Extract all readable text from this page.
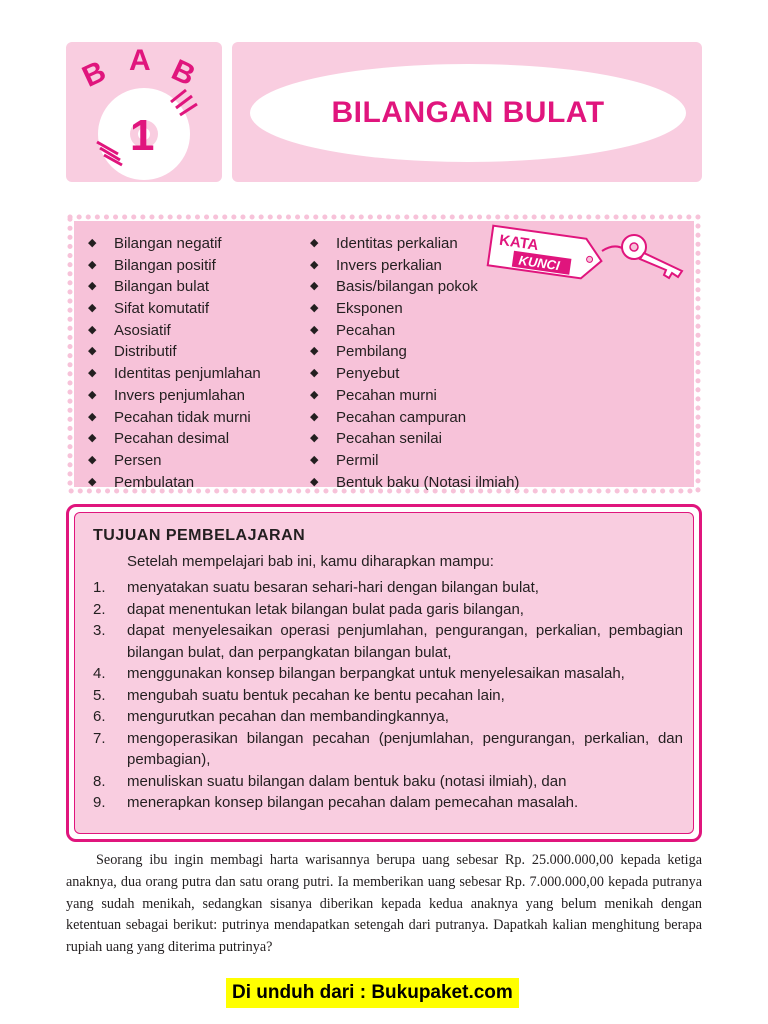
B A B
1	BILANGAN BULAT
◆	Bilangan negatif
◆	Bilangan positif
◆	Bilangan bulat
◆	Sifat komutatif
◆	Asosiatif
◆	Distributif
◆	Identitas penjumlahan
◆	Invers penjumlahan
◆	Pecahan tidak murni
◆	Pecahan desimal
◆	Persen
◆	Pembulatan
◆	Identitas perkalian
◆	Invers perkalian
◆	Basis/bilangan pokok
◆	Eksponen
◆	Pecahan
◆	Pembilang
◆	Penyebut
◆	Pecahan murni
◆	Pecahan campuran
◆	Pecahan senilai
◆	Permil
◆	Bentuk baku (Notasi ilmiah)
KATA
KUNCI
TUJUAN PEMBELAJARAN
Setelah mempelajari bab ini, kamu diharapkan mampu:
1.	menyatakan suatu besaran sehari-hari dengan bilangan bulat,
2.	dapat menentukan letak bilangan bulat pada garis bilangan,
3.	dapat menyelesaikan operasi penjumlahan, pengurangan, perkalian, pembagian bilangan bulat, dan perpangkatan bilangan bulat,
4.	menggunakan konsep bilangan berpangkat untuk menyelesaikan masalah,
5.	mengubah suatu bentuk pecahan ke bentu pecahan lain,
6.	mengurutkan pecahan dan membandingkannya,
7.	mengoperasikan bilangan pecahan (penjumlahan, pengurangan, perkalian, dan pembagian),
8.	menuliskan suatu bilangan dalam bentuk baku (notasi ilmiah), dan
9.	menerapkan konsep bilangan pecahan dalam pemecahan masalah.
Seorang ibu ingin membagi harta warisannya berupa uang sebesar Rp. 25.000.000,00 kepada ketiga anaknya, dua orang putra dan satu orang putri. Ia memberikan uang sebesar Rp. 7.000.000,00 kepada putranya yang sudah menikah, sedangkan sisanya diberikan kepada kedua anaknya yang belum menikah dengan ketentuan sebagai berikut: putrinya mendapatkan setengah dari putranya. Dapatkah kalian menghitung berapa rupiah uang yang diterima putrinya?
Di unduh dari : Bukupaket.com
